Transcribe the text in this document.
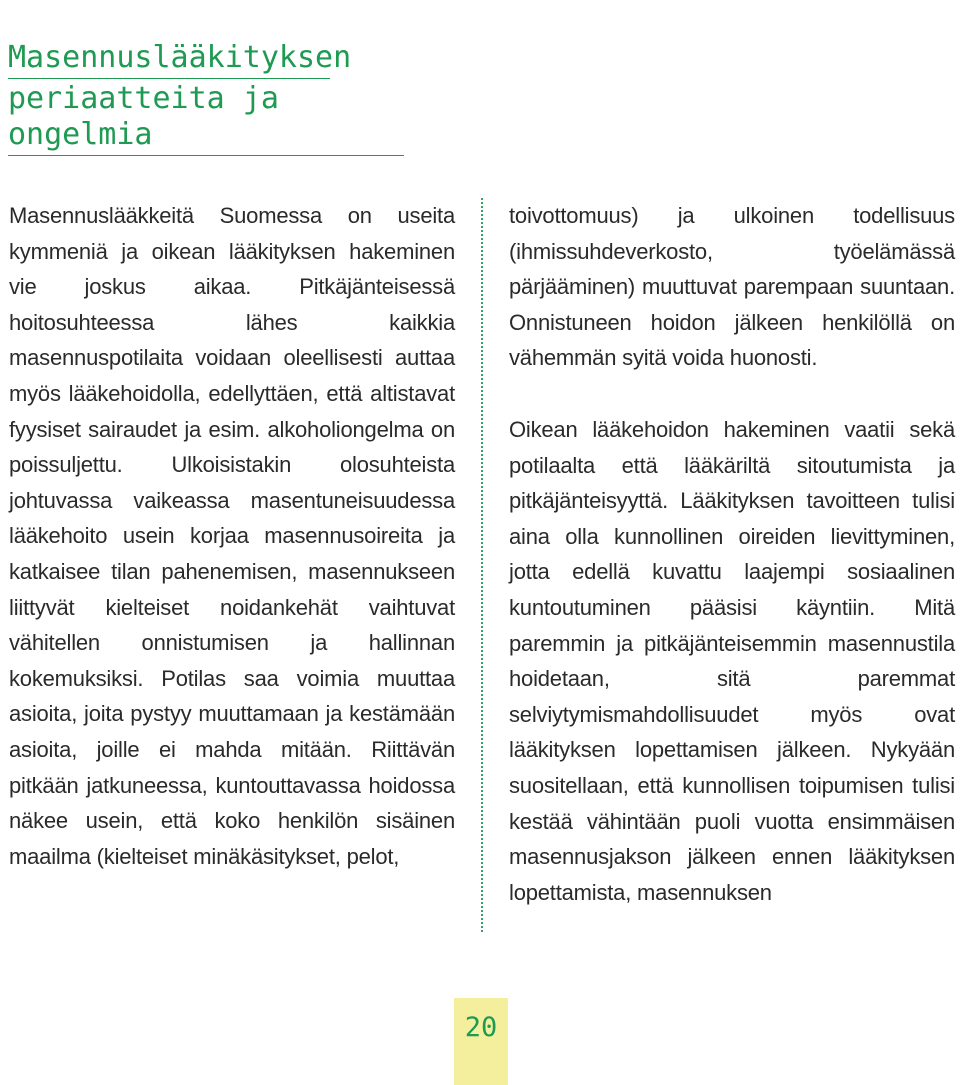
Masennuslääkityksen
periaatteita ja ongelmia

Masennuslääkkeitä Suomessa on useita kymmeniä ja oikean lääkityksen hakeminen vie joskus aikaa. Pitkäjänteisessä hoitosuhteessa lähes kaikkia masennuspotilaita voidaan oleellisesti auttaa myös lääkehoidolla, edellyttäen, että altistavat fyysiset sairaudet ja esim. alkoholiongelma on poissuljettu. Ulkoisistakin olosuhteista johtuvassa vaikeassa masentuneisuudessa lääkehoito usein korjaa masennusoireita ja katkaisee tilan pahenemisen, masennukseen liittyvät kielteiset noidankehät vaihtuvat vähitellen onnistumisen ja hallinnan kokemuksiksi. Potilas saa voimia muuttaa asioita, joita pystyy muuttamaan ja kestämään asioita, joille ei mahda mitään. Riittävän pitkään jatkuneessa, kuntouttavassa hoidossa näkee usein, että koko henkilön sisäinen maailma (kielteiset minäkäsitykset, pelot,

toivottomuus) ja ulkoinen todellisuus (ihmissuhdeverkosto, työelämässä pärjääminen) muuttuvat parempaan suuntaan. Onnistuneen hoidon jälkeen henkilöllä on vähemmän syitä voida huonosti.

Oikean lääkehoidon hakeminen vaatii sekä potilaalta että lääkäriltä sitoutumista ja pitkäjänteisyyttä. Lääkityksen tavoitteen tulisi aina olla kunnollinen oireiden lievittyminen, jotta edellä kuvattu laajempi sosiaalinen kuntoutuminen pääsisi käyntiin. Mitä paremmin ja pitkäjänteisemmin masennustila hoidetaan, sitä paremmat selviytymismahdollisuudet myös ovat lääkityksen lopettamisen jälkeen. Nykyään suositellaan, että kunnollisen toipumisen tulisi kestää vähintään puoli vuotta ensimmäisen masennusjakson jälkeen ennen lääkityksen lopettamista, masennuksen

20
